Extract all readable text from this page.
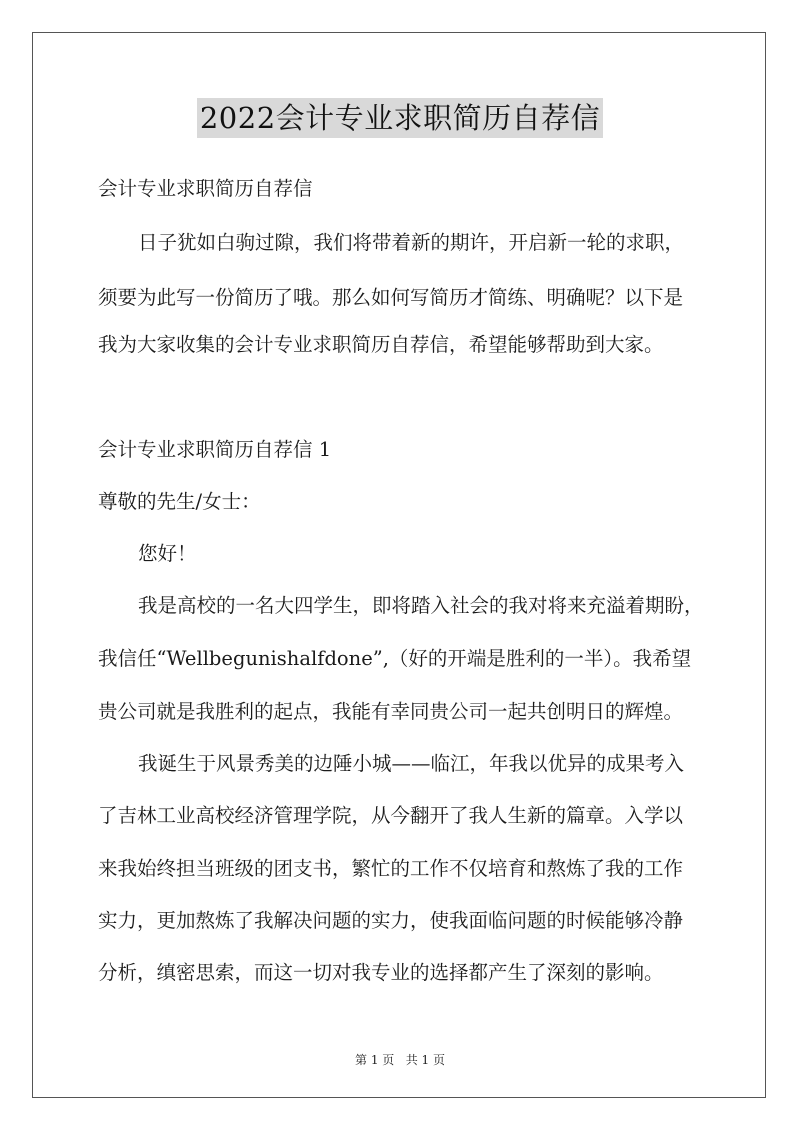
2022会计专业求职简历自荐信
会计专业求职简历自荐信
日子犹如白驹过隙，我们将带着新的期许，开启新一轮的求职，
须要为此写一份简历了哦。那么如何写简历才简练、明确呢？以下是
我为大家收集的会计专业求职简历自荐信，希望能够帮助到大家。
会计专业求职简历自荐信 1
尊敬的先生/女士：
您好！
我是高校的一名大四学生，即将踏入社会的我对将来充溢着期盼，
我信任“Wellbegunishalfdone”,（好的开端是胜利的一半）。我希望
贵公司就是我胜利的起点，我能有幸同贵公司一起共创明日的辉煌。
我诞生于风景秀美的边陲小城——临江，年我以优异的成果考入
了吉林工业高校经济管理学院，从今翻开了我人生新的篇章。入学以
来我始终担当班级的团支书，繁忙的工作不仅培育和熬炼了我的工作
实力，更加熬炼了我解决问题的实力，使我面临问题的时候能够冷静
分析，缜密思索，而这一切对我专业的选择都产生了深刻的影响。
第 1 页   共 1 页
